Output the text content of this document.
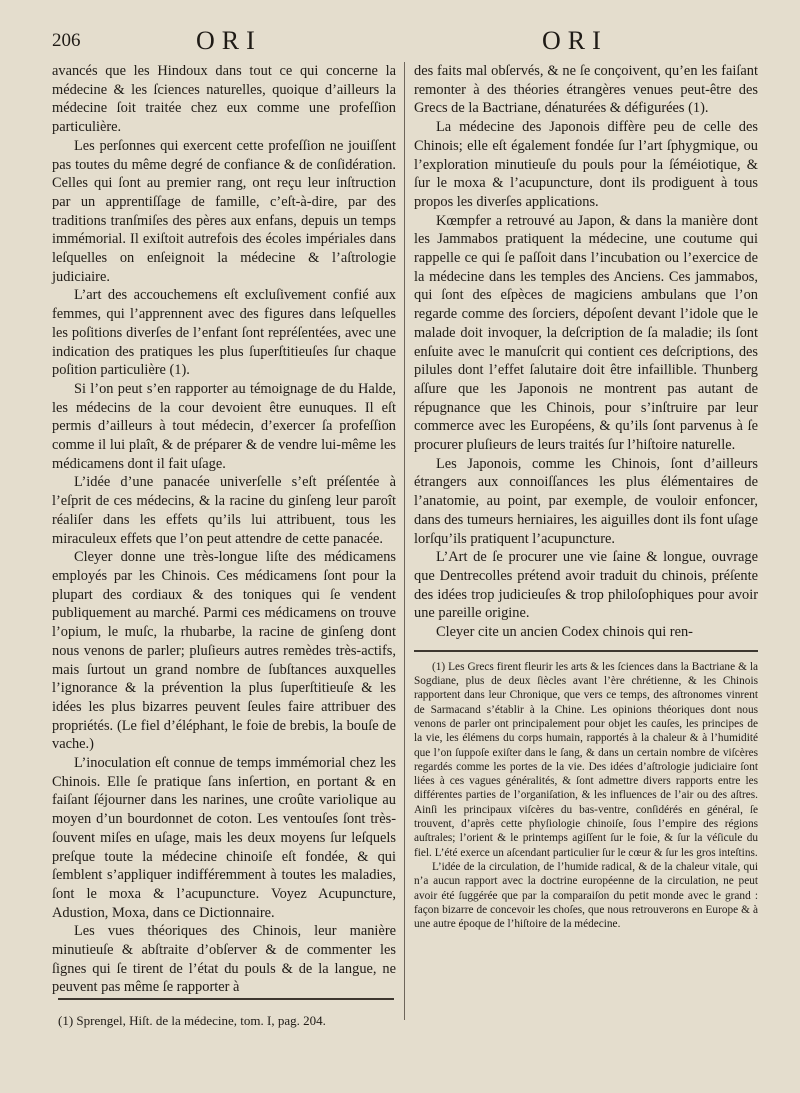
206	ORI	ORI

avancés que les Hindoux dans tout ce qui concerne la médecine & les ſciences naturelles, quoique d’ailleurs la médecine ſoit traitée chez eux comme une profeſſion particulière.

Les perſonnes qui exercent cette profeſſion ne jouiſſent pas toutes du même degré de confiance & de conſidération. Celles qui ſont au premier rang, ont reçu leur inſtruction par un apprentiſſage de famille, c’eſt-à-dire, par des traditions tranſmiſes des pères aux enfans, depuis un temps immémorial. Il exiſtoit autrefois des écoles impériales dans leſquelles on enſeignoit la médecine & l’aſtrologie judiciaire.

L’art des accouchemens eſt excluſivement confié aux femmes, qui l’apprennent avec des figures dans leſquelles les poſitions diverſes de l’enfant ſont repréſentées, avec une indication des pratiques les plus ſuperſtitieuſes ſur chaque poſition particulière (1).

Si l’on peut s’en rapporter au témoignage de du Halde, les médecins de la cour devoient être eunuques. Il eſt permis d’ailleurs à tout médecin, d’exercer ſa profeſſion comme il lui plaît, & de préparer & de vendre lui-même les médicamens dont il fait uſage.

L’idée d’une panacée univerſelle s’eſt préſentée à l’eſprit de ces médecins, & la racine du ginſeng leur paroît réaliſer dans les effets qu’ils lui attribuent, tous les miraculeux effets que l’on peut attendre de cette panacée.

Cleyer donne une très-longue liſte des médicamens employés par les Chinois. Ces médicamens ſont pour la plupart des cordiaux & des toniques qui ſe vendent publiquement au marché. Parmi ces médicamens on trouve l’opium, le muſc, la rhubarbe, la racine de ginſeng dont nous venons de parler; pluſieurs autres remèdes très-actifs, mais ſurtout un grand nombre de ſubſtances auxquelles l’ignorance & la prévention la plus ſuperſtitieuſe & les idées les plus bizarres peuvent ſeules faire attribuer des propriétés. (Le fiel d’éléphant, le foie de brebis, la bouſe de vache.)

L’inoculation eſt connue de temps immémorial chez les Chinois. Elle ſe pratique ſans inſertion, en portant & en faiſant ſéjourner dans les narines, une croûte variolique au moyen d’un bourdonnet de coton. Les ventouſes ſont très-ſouvent miſes en uſage, mais les deux moyens ſur leſquels preſque toute la médecine chinoiſe eſt fondée, & qui ſemblent s’appliquer indifféremment à toutes les maladies, ſont le moxa & l’acupuncture. Voyez Acupuncture, Adustion, Moxa, dans ce Dictionnaire.

Les vues théoriques des Chinois, leur manière minutieuſe & abſtraite d’obſerver & de commenter les ſignes qui ſe tirent de l’état du pouls & de la langue, ne peuvent pas même ſe rapporter à

(1) Sprengel, Hiſt. de la médecine, tom. I, pag. 204.

des faits mal obſervés, & ne ſe conçoivent, qu’en les faiſant remonter à des théories étrangères venues peut-être des Grecs de la Bactriane, dénaturées & défigurées (1).

La médecine des Japonois diffère peu de celle des Chinois; elle eſt également fondée ſur l’art ſphygmique, ou l’exploration minutieuſe du pouls pour la ſéméiotique, & ſur le moxa & l’acupuncture, dont ils prodiguent à tous propos les diverſes applications.

Kœmpfer a retrouvé au Japon, & dans la manière dont les Jammabos pratiquent la médecine, une coutume qui rappelle ce qui ſe paſſoit dans l’incubation ou l’exercice de la médecine dans les temples des Anciens. Ces jammabos, qui ſont des eſpèces de magiciens ambulans que l’on regarde comme des ſorciers, dépoſent devant l’idole que le malade doit invoquer, la deſcription de ſa maladie; ils ſont enſuite avec le manuſcrit qui contient ces deſcriptions, des pilules dont l’effet ſalutaire doit être infaillible. Thunberg aſſure que les Japonois ne montrent pas autant de répugnance que les Chinois, pour s’inſtruire par leur commerce avec les Européens, & qu’ils ſont parvenus à ſe procurer pluſieurs de leurs traités ſur l’hiſtoire naturelle.

Les Japonois, comme les Chinois, ſont d’ailleurs étrangers aux connoiſſances les plus élémentaires de l’anatomie, au point, par exemple, de vouloir enfoncer, dans des tumeurs herniaires, les aiguilles dont ils font uſage lorſqu’ils pratiquent l’acupuncture.

L’Art de ſe procurer une vie ſaine & longue, ouvrage que Dentrecolles prétend avoir traduit du chinois, préſente des idées trop judicieuſes & trop philoſophiques pour avoir une pareille origine.

Cleyer cite un ancien Codex chinois qui ren-

(1) Les Grecs firent fleurir les arts & les ſciences dans la Bactriane & la Sogdiane, plus de deux ſiècles avant l’ère chrétienne, & les Chinois rapportent dans leur Chronique, que vers ce temps, des aſtronomes vinrent de Sarmacand s’établir à la Chine. Les opinions théoriques dont nous venons de parler ont principalement pour objet les cauſes, les principes de la vie, les élémens du corps humain, rapportés à la chaleur & à l’humidité que l’on ſuppoſe exiſter dans le ſang, & dans un certain nombre de viſcères regardés comme les portes de la vie. Des idées d’aſtrologie judiciaire ſont liées à ces vagues généralités, & ſont admettre divers rapports entre les différentes parties de l’organiſation, & les influences de l’air ou des aſtres. Ainſi les principaux viſcères du bas-ventre, conſidérés en général, ſe trouvent, d’après cette phyſiologie chinoiſe, ſous l’empire des régions auſtrales; l’orient & le printemps agiſſent ſur le foie, & ſur la véſicule du fiel. L’été exerce un aſcendant particulier ſur le cœur & ſur les gros inteſtins.

L’idée de la circulation, de l’humide radical, & de la chaleur vitale, qui n’a aucun rapport avec la doctrine européenne de la circulation, ne peut avoir été ſuggérée que par la comparaiſon du petit monde avec le grand : façon bizarre de concevoir les choſes, que nous retrouverons en Europe & à une autre époque de l’hiſtoire de la médecine.
